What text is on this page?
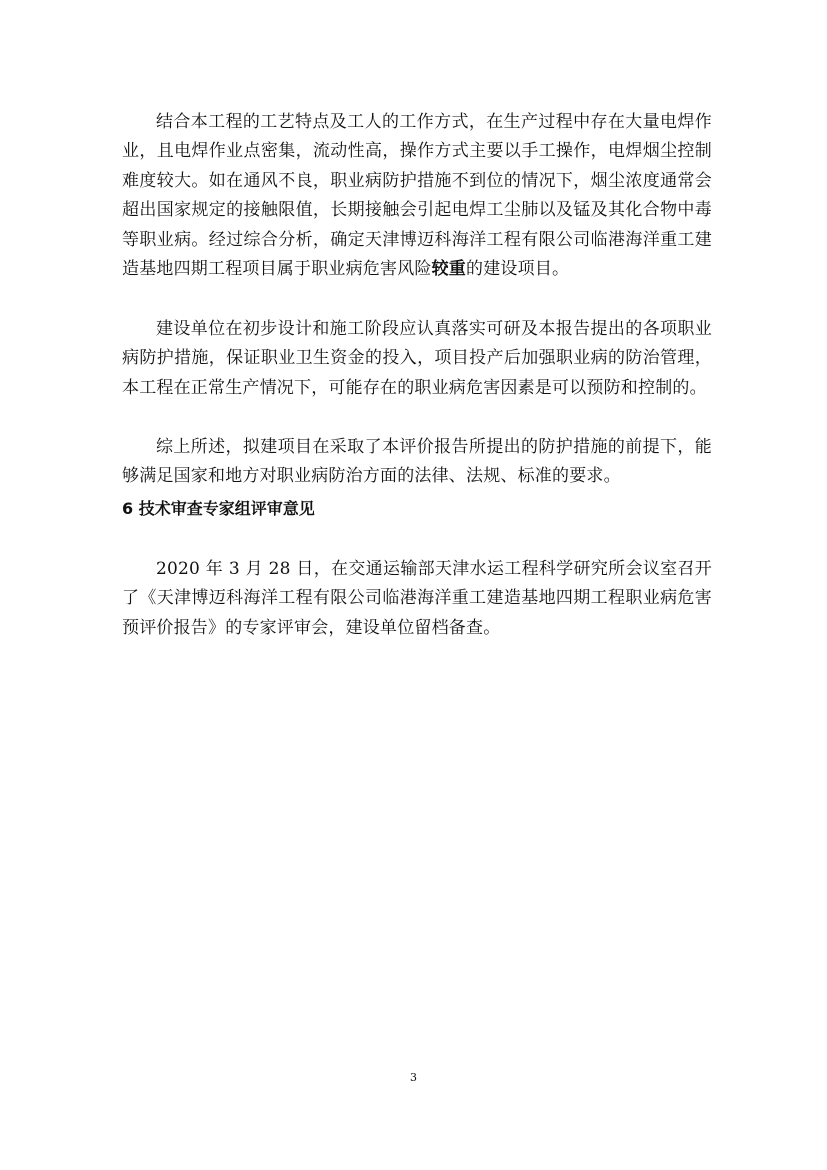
结合本工程的工艺特点及工人的工作方式，在生产过程中存在大量电焊作业，且电焊作业点密集，流动性高，操作方式主要以手工操作，电焊烟尘控制难度较大。如在通风不良，职业病防护措施不到位的情况下，烟尘浓度通常会超出国家规定的接触限值，长期接触会引起电焊工尘肺以及锰及其化合物中毒等职业病。经过综合分析，确定天津博迈科海洋工程有限公司临港海洋重工建造基地四期工程项目属于职业病危害风险较重的建设项目。

建设单位在初步设计和施工阶段应认真落实可研及本报告提出的各项职业病防护措施，保证职业卫生资金的投入，项目投产后加强职业病的防治管理，本工程在正常生产情况下，可能存在的职业病危害因素是可以预防和控制的。

综上所述，拟建项目在采取了本评价报告所提出的防护措施的前提下，能够满足国家和地方对职业病防治方面的法律、法规、标准的要求。

6 技术审查专家组评审意见

2020 年 3 月 28 日，在交通运输部天津水运工程科学研究所会议室召开了《天津博迈科海洋工程有限公司临港海洋重工建造基地四期工程职业病危害预评价报告》的专家评审会，建设单位留档备查。

3
